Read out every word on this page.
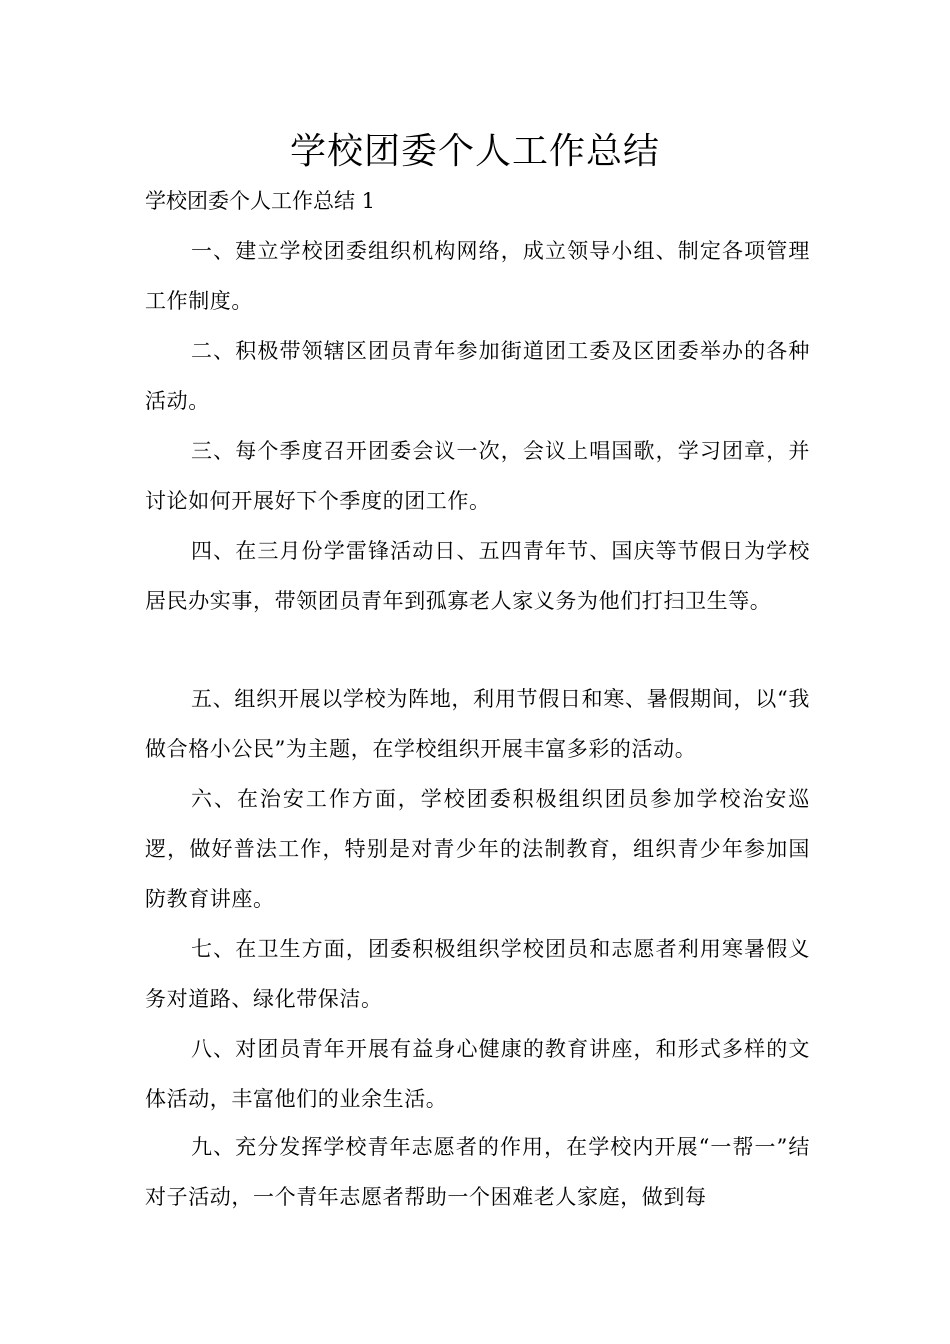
学校团委个人工作总结

学校团委个人工作总结 1

一、建立学校团委组织机构网络，成立领导小组、制定各项管理工作制度。

二、积极带领辖区团员青年参加街道团工委及区团委举办的各种活动。

三、每个季度召开团委会议一次，会议上唱国歌，学习团章，并讨论如何开展好下个季度的团工作。

四、在三月份学雷锋活动日、五四青年节、国庆等节假日为学校居民办实事，带领团员青年到孤寡老人家义务为他们打扫卫生等。

五、组织开展以学校为阵地，利用节假日和寒、暑假期间，以“我做合格小公民”为主题，在学校组织开展丰富多彩的活动。

六、在治安工作方面，学校团委积极组织团员参加学校治安巡逻，做好普法工作，特别是对青少年的法制教育，组织青少年参加国防教育讲座。

七、在卫生方面，团委积极组织学校团员和志愿者利用寒暑假义务对道路、绿化带保洁。

八、对团员青年开展有益身心健康的教育讲座，和形式多样的文体活动，丰富他们的业余生活。

九、充分发挥学校青年志愿者的作用，在学校内开展“一帮一”结对子活动，一个青年志愿者帮助一个困难老人家庭，做到每
